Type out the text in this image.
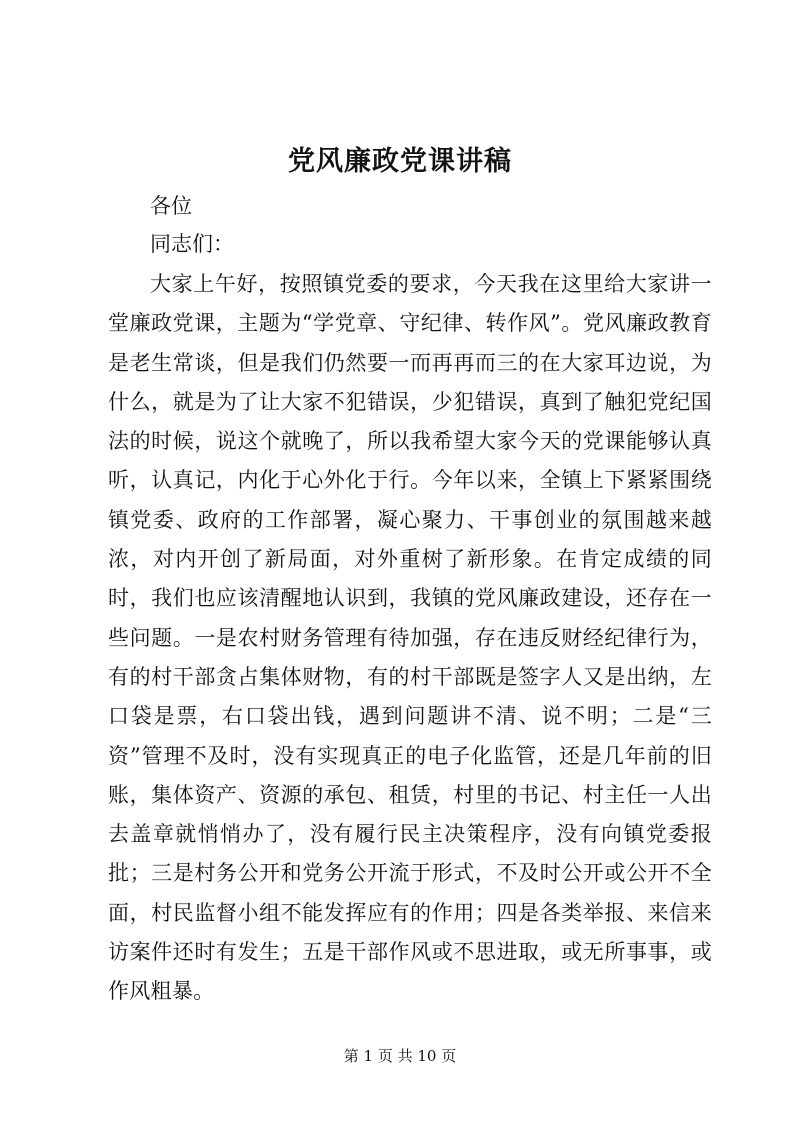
党风廉政党课讲稿
各位
同志们：

大家上午好，按照镇党委的要求，今天我在这里给大家讲一堂廉政党课，主题为“学党章、守纪律、转作风”。党风廉政教育是老生常谈，但是我们仍然要一而再再而三的在大家耳边说，为什么，就是为了让大家不犯错误，少犯错误，真到了触犯党纪国法的时候，说这个就晚了，所以我希望大家今天的党课能够认真听，认真记，内化于心外化于行。今年以来，全镇上下紧紧围绕镇党委、政府的工作部署，凝心聚力、干事创业的氛围越来越浓，对内开创了新局面，对外重树了新形象。在肯定成绩的同时，我们也应该清醒地认识到，我镇的党风廉政建设，还存在一些问题。一是农村财务管理有待加强，存在违反财经纪律行为，有的村干部贪占集体财物，有的村干部既是签字人又是出纳，左口袋是票，右口袋出钱，遇到问题讲不清、说不明；二是“三资”管理不及时，没有实现真正的电子化监管，还是几年前的旧账，集体资产、资源的承包、租赁，村里的书记、村主任一人出去盖章就悄悄办了，没有履行民主决策程序，没有向镇党委报批；三是村务公开和党务公开流于形式，不及时公开或公开不全面，村民监督小组不能发挥应有的作用；四是各类举报、来信来访案件还时有发生；五是干部作风或不思进取，或无所事事，或作风粗暴。

第 1 页 共 10 页
